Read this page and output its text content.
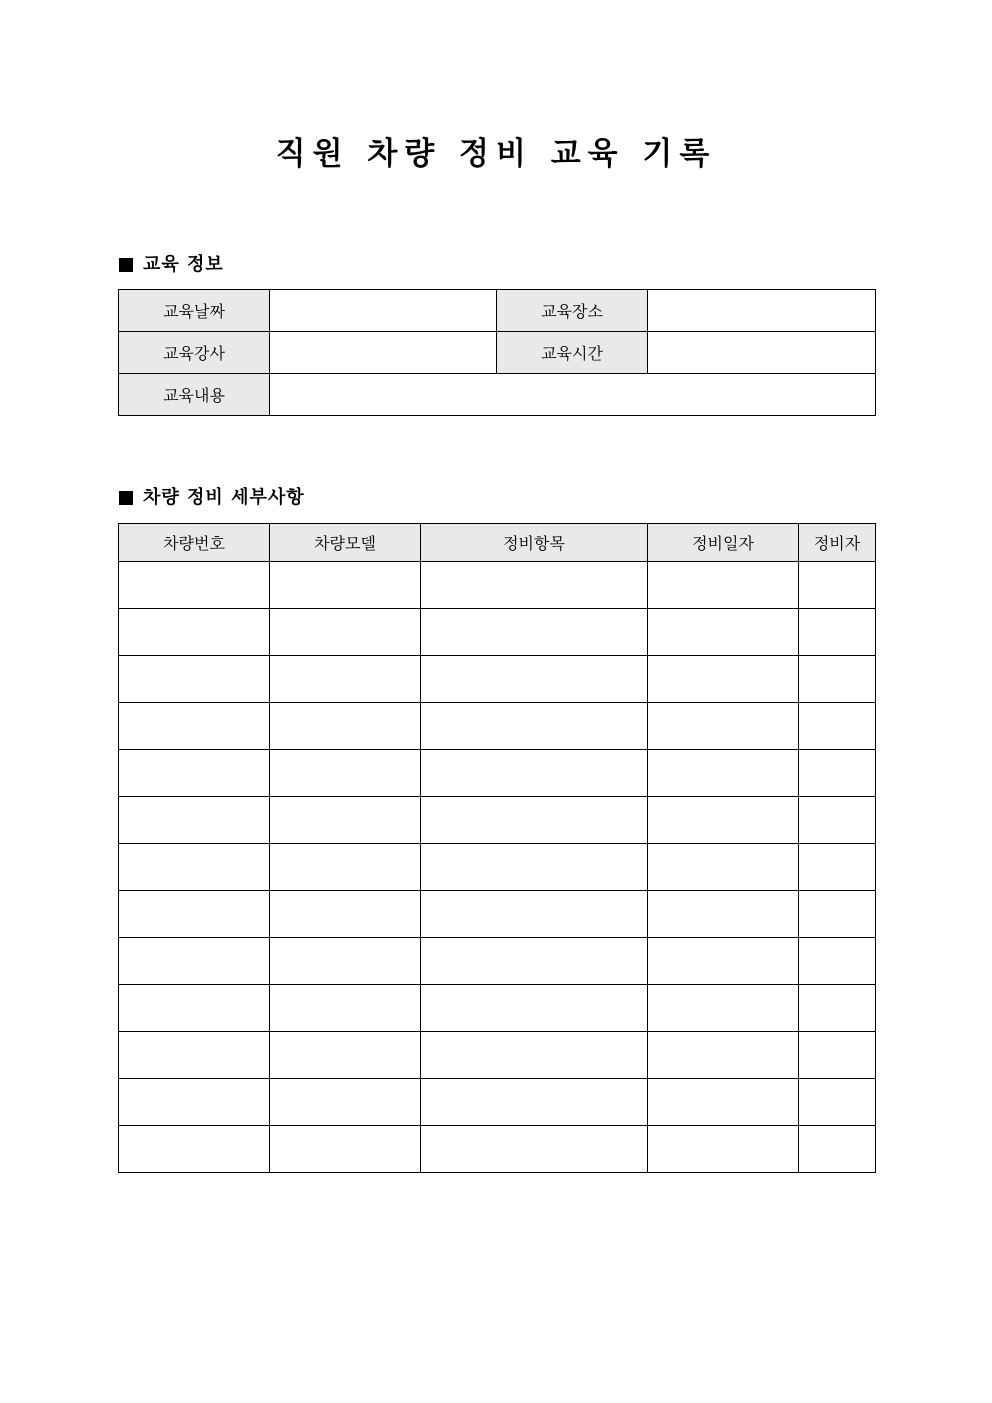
직원 차량 정비 교육 기록
교육 정보
교육날짜		교육장소	
교육강사		교육시간	
교육내용			
차량 정비 세부사항
차량번호	차량모델	정비항목	정비일자	정비자
